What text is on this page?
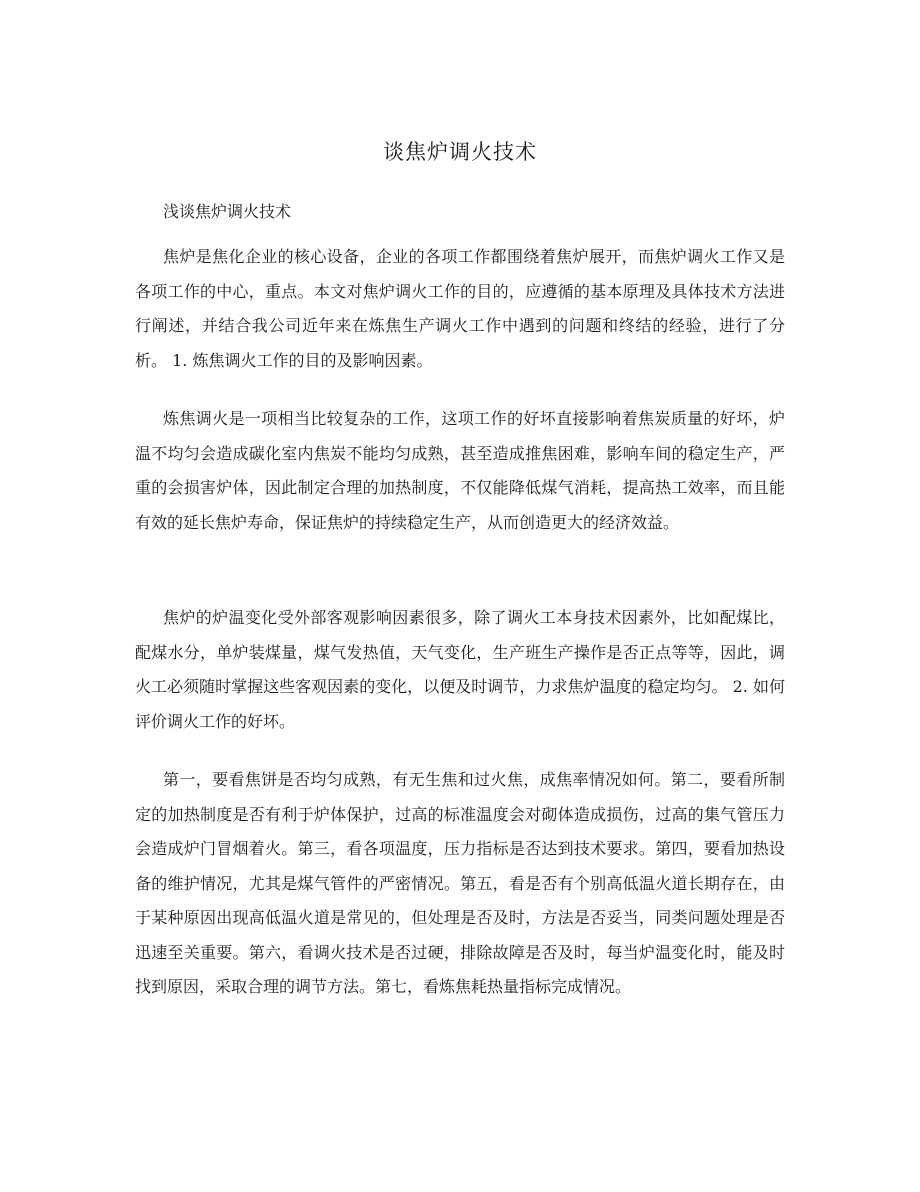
谈焦炉调火技术
浅谈焦炉调火技术

焦炉是焦化企业的核心设备，企业的各项工作都围绕着焦炉展开，而焦炉调火工作又是各项工作的中心，重点。本文对焦炉调火工作的目的，应遵循的基本原理及具体技术方法进行阐述，并结合我公司近年来在炼焦生产调火工作中遇到的问题和终结的经验，进行了分析。 1. 炼焦调火工作的目的及影响因素。

炼焦调火是一项相当比较复杂的工作，这项工作的好坏直接影响着焦炭质量的好坏，炉温不均匀会造成碳化室内焦炭不能均匀成熟，甚至造成推焦困难，影响车间的稳定生产，严重的会损害炉体，因此制定合理的加热制度，不仅能降低煤气消耗，提高热工效率，而且能有效的延长焦炉寿命，保证焦炉的持续稳定生产，从而创造更大的经济效益。

焦炉的炉温变化受外部客观影响因素很多，除了调火工本身技术因素外，比如配煤比，配煤水分，单炉装煤量，煤气发热值，天气变化，生产班生产操作是否正点等等，因此，调火工必须随时掌握这些客观因素的变化，以便及时调节，力求焦炉温度的稳定均匀。 2. 如何评价调火工作的好坏。

第一，要看焦饼是否均匀成熟，有无生焦和过火焦，成焦率情况如何。第二，要看所制定的加热制度是否有利于炉体保护，过高的标准温度会对砌体造成损伤，过高的集气管压力会造成炉门冒烟着火。第三，看各项温度，压力指标是否达到技术要求。第四，要看加热设备的维护情况，尤其是煤气管件的严密情况。第五，看是否有个别高低温火道长期存在，由于某种原因出现高低温火道是常见的，但处理是否及时，方法是否妥当，同类问题处理是否迅速至关重要。第六，看调火技术是否过硬，排除故障是否及时，每当炉温变化时，能及时找到原因，采取合理的调节方法。第七，看炼焦耗热量指标完成情况。
